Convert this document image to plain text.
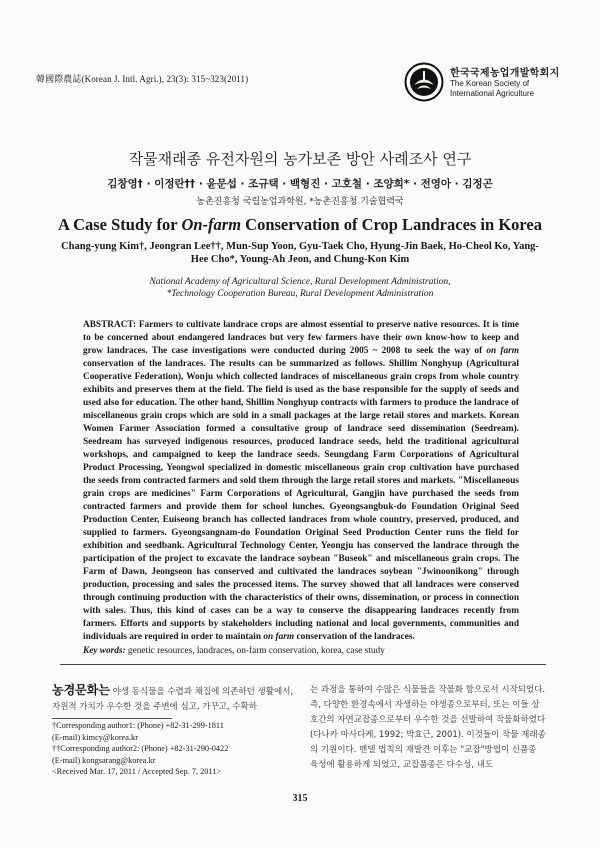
韓國際農誌(Korean J. Intl. Agri.), 23(3): 315~323(2011)	한국국제농업개발학회지
The Korean Society of International Agriculture
작물재래종 유전자원의 농가보존 방안 사례조사 연구
김창영† · 이정란†† · 윤문섭 · 조규택 · 백형진 · 고호철 · 조양희* · 전영아 · 김정곤
농촌진흥청 국립농업과학원, *농촌진흥청 기술협력국
A Case Study for On-farm Conservation of Crop Landraces in Korea
Chang-yung Kim†, Jeongran Lee††, Mun-Sup Yoon, Gyu-Taek Cho, Hyung-Jin Baek, Ho-Cheol Ko, Yang-Hee Cho*, Young-Ah Jeon, and Chung-Kon Kim
National Academy of Agricultural Science, Rural Development Administration,
*Technology Cooperation Bureau, Rural Development Administration
ABSTRACT: Farmers to cultivate landrace crops are almost essential to preserve native resources. It is time to be concerned about endangered landraces but very few farmers have their own know-how to keep and grow landraces. The case investigations were conducted during 2005 ~ 2008 to seek the way of on farm conservation of the landraces. The results can be summarized as follows. Shillim Nonghyup (Agricultural Cooperative Federation), Wonju which collected landraces of miscellaneous grain crops from whole country exhibits and preserves them at the field. The field is used as the base responsible for the supply of seeds and used also for education. The other hand, Shillim Nonghyup contracts with farmers to produce the landrace of miscellaneous grain crops which are sold in a small packages at the large retail stores and markets. Korean Women Farmer Association formed a consultative group of landrace seed dissemination (Seedream). Seedream has surveyed indigenous resources, produced landrace seeds, held the traditional agricultural workshops, and campaigned to keep the landrace seeds. Seungdang Farm Corporations of Agricultural Product Processing, Yeongwol specialized in domestic miscellaneous grain crop cultivation have purchased the seeds from contracted farmers and sold them through the large retail stores and markets. "Miscellaneous grain crops are medicines" Farm Corporations of Agricultural, Gangjin have purchased the seeds from contracted farmers and provide them for school lunches. Gyeongsangbuk-do Foundation Original Seed Production Center, Euiseong branch has collected landraces from whole country, preserved, produced, and supplied to farmers. Gyeongsangnam-do Foundation Original Seed Production Center runs the field for exhibition and seedbank. Agricultural Technology Center, Yeongju has conserved the landrace through the participation of the project to excavate the landrace soybean "Buseok" and miscellaneous grain crops. The Farm of Dawn, Jeongseon has conserved and cultivated the landraces soybean "Jwinoonikong" through production, processing and sales the processed items. The survey showed that all landraces were conserved through continuing production with the characteristics of their owns, dissemination, or process in connection with sales. Thus, this kind of cases can be a way to conserve the disappearing landraces recently from farmers. Efforts and supports by stakeholders including national and local governments, communities and individuals are required in order to maintain on farm conservation of the landraces.
Key words: genetic resources, landraces, on-farm conservation, korea, case study
농경문화는 야생 동식물을 수렵과 채집에 의존하던 생활에서, 자원적 가치가 우수한 것을 주변에 심고, 가꾸고, 수확하
는 과정을 통하여 수많은 식물들을 작물화 함으로서 시작되었다. 즉, 다양한 환경속에서 자생하는 야생종으로부터, 또는 이들 상호간의 자연교잡종으로부터 우수한 것을 선발하여 작물화하였다(다나카 마사다케, 1992; 박효근, 2001). 이것들이 작물 재래종의 기원이다. 멘델 법칙의 재발견 이후는 "교잡"방법이 신품종 육성에 활용하게 되었고, 교잡품종은 다수성, 내도
†Corresponding author1: (Phone) +82-31-299-1811
(E-mail) kimcy@korea.kr
††Corresponding author2: (Phone) +82-31-290-0422
(E-mail) kongsarang@korea.kr
<Received Mar. 17, 2011 / Accepted Sep. 7, 2011>
315
